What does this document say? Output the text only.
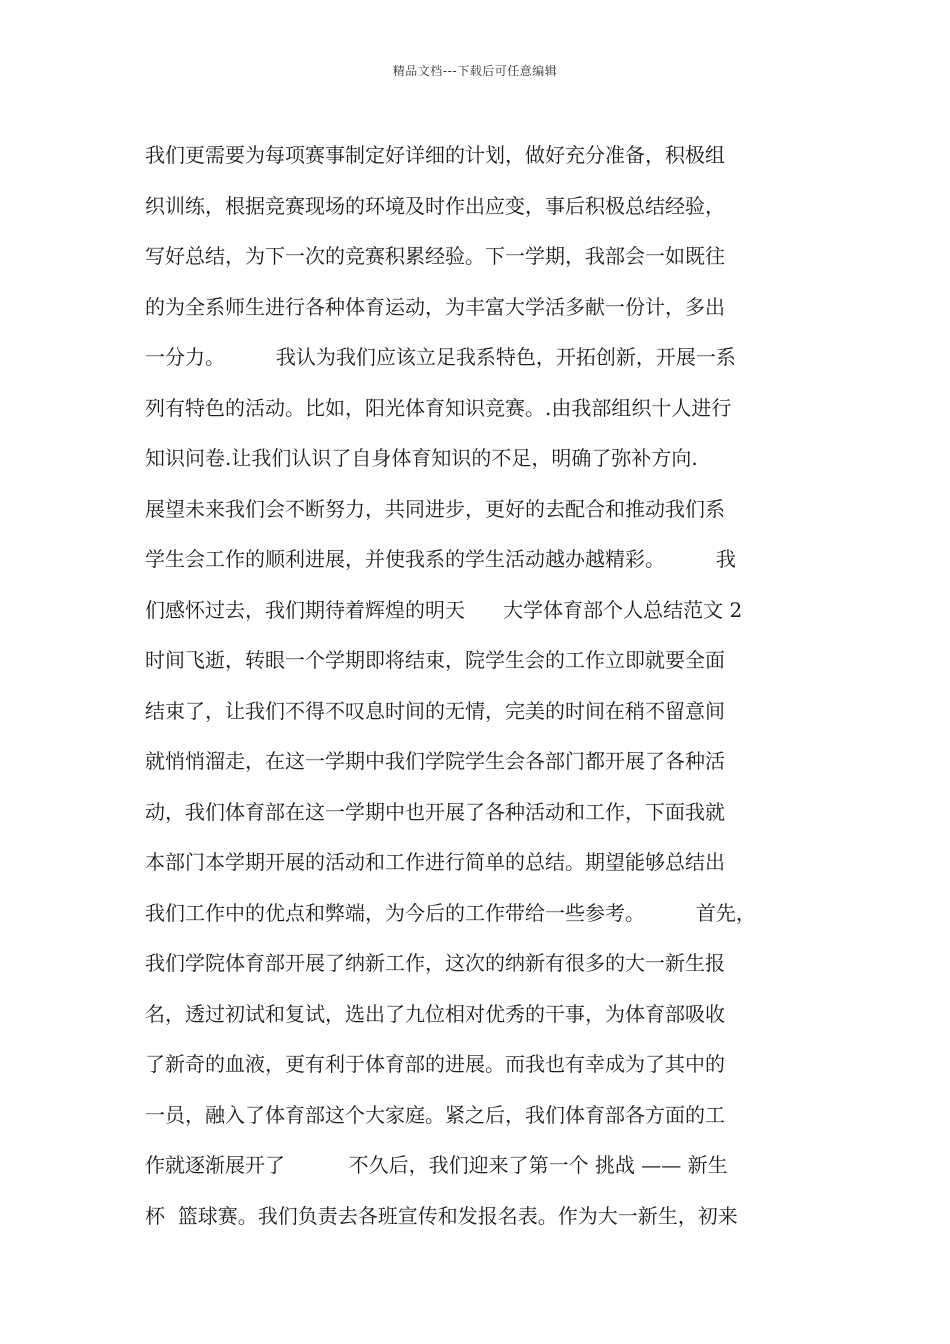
精品文档---下载后可任意编辑
我们更需要为每项赛事制定好详细的计划，做好充分准备，积极组
织训练，根据竞赛现场的环境及时作出应变，事后积极总结经验，
写好总结，为下一次的竞赛积累经验。下一学期，我部会一如既往
的为全系师生进行各种体育运动，为丰富大学活多献一份计，多出
一分力。        我认为我们应该立足我系特色，开拓创新，开展一系
列有特色的活动。比如，阳光体育知识竞赛。.由我部组织十人进行
知识问卷.让我们认识了自身体育知识的不足，明确了弥补方向.
展望未来我们会不断努力，共同进步，更好的去配合和推动我们系
学生会工作的顺利进展，并使我系的学生活动越办越精彩。        我
们感怀过去，我们期待着辉煌的明天      大学体育部个人总结范文 2
时间飞逝，转眼一个学期即将结束，院学生会的工作立即就要全面
结束了，让我们不得不叹息时间的无情，完美的时间在稍不留意间
就悄悄溜走，在这一学期中我们学院学生会各部门都开展了各种活
动，我们体育部在这一学期中也开展了各种活动和工作，下面我就
本部门本学期开展的活动和工作进行简单的总结。期望能够总结出
我们工作中的优点和弊端，为今后的工作带给一些参考。        首先，
我们学院体育部开展了纳新工作，这次的纳新有很多的大一新生报
名，透过初试和复试，选出了九位相对优秀的干事，为体育部吸收
了新奇的血液，更有利于体育部的进展。而我也有幸成为了其中的
一员，融入了体育部这个大家庭。紧之后，我们体育部各方面的工
作就逐渐展开了          不久后，我们迎来了第一个 挑战 —— 新生
杯  篮球赛。我们负责去各班宣传和发报名表。作为大一新生，初来
